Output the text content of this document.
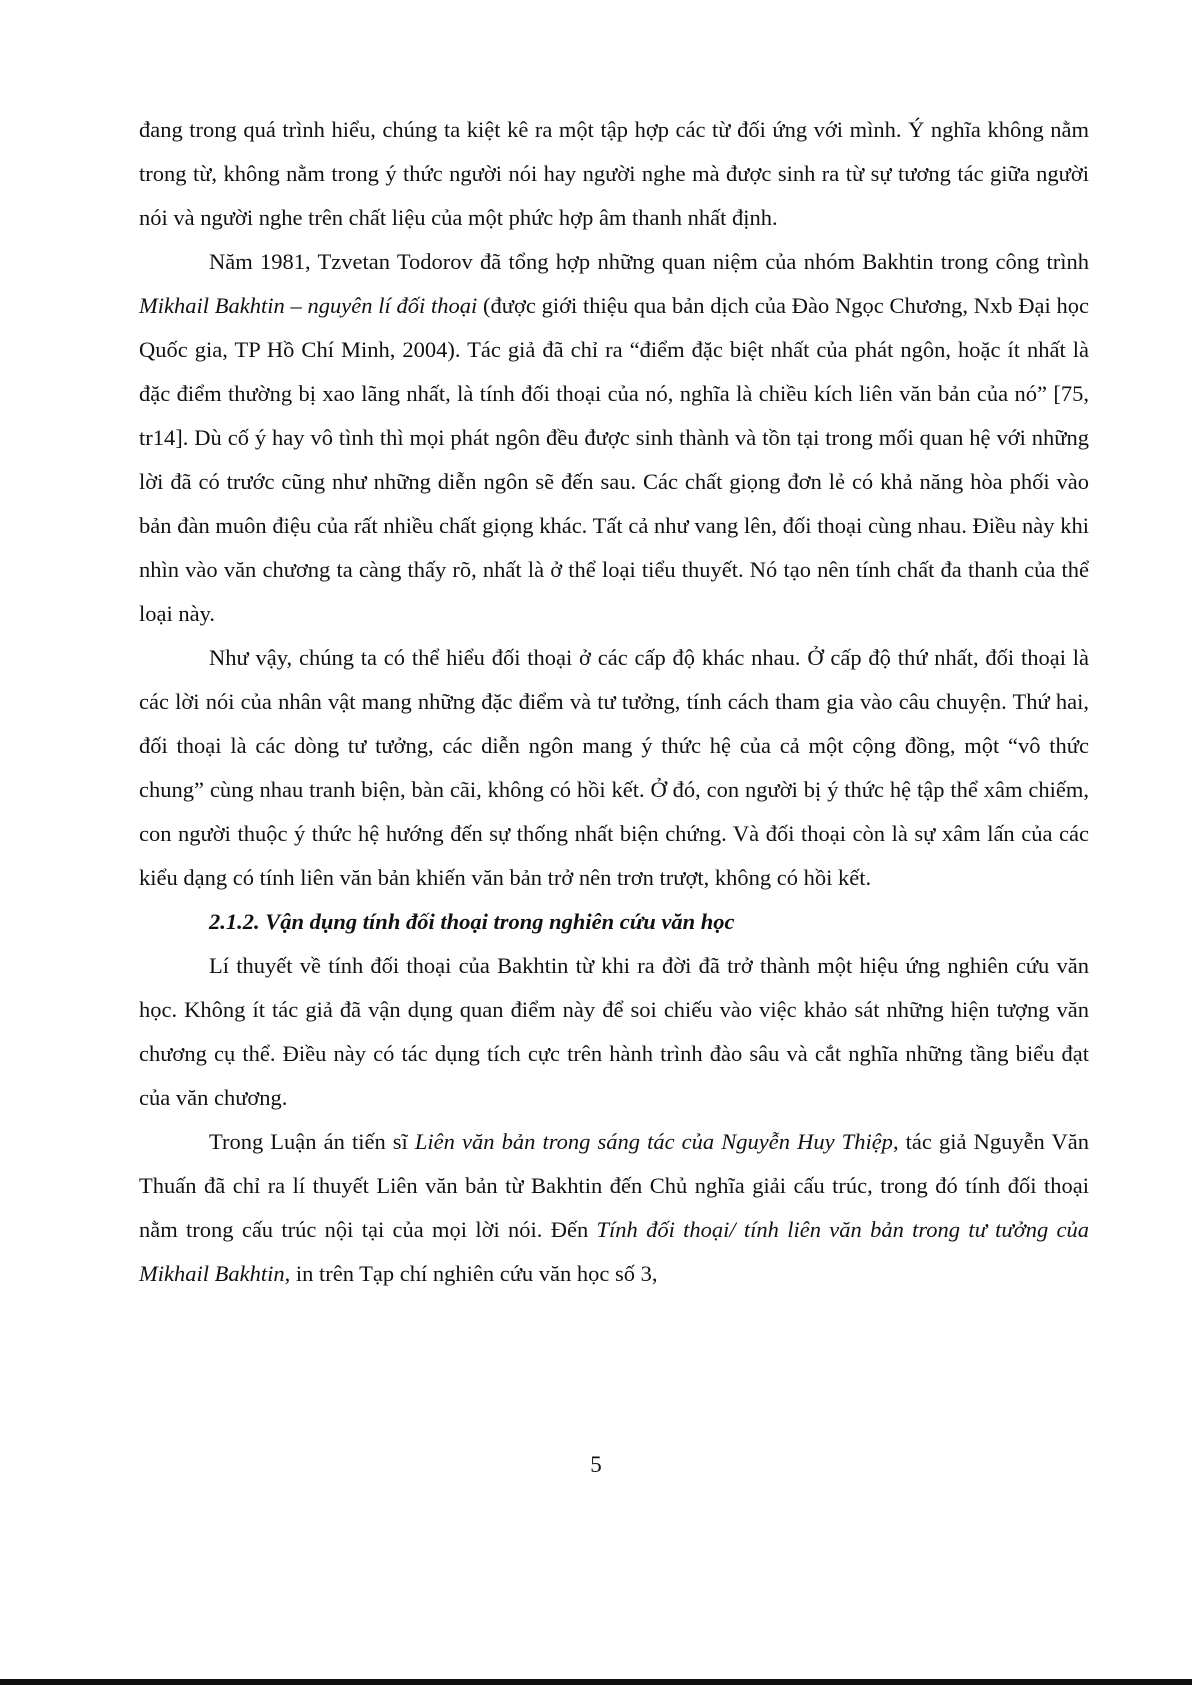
đang trong quá trình hiểu, chúng ta kiệt kê ra một tập hợp các từ đối ứng với mình. Ý nghĩa không nằm trong từ, không nằm trong ý thức người nói hay người nghe mà được sinh ra từ sự tương tác giữa người nói và người nghe trên chất liệu của một phức hợp âm thanh nhất định.

Năm 1981, Tzvetan Todorov đã tổng hợp những quan niệm của nhóm Bakhtin trong công trình Mikhail Bakhtin – nguyên lí đối thoại (được giới thiệu qua bản dịch của Đào Ngọc Chương, Nxb Đại học Quốc gia, TP Hồ Chí Minh, 2004). Tác giả đã chỉ ra “điểm đặc biệt nhất của phát ngôn, hoặc ít nhất là đặc điểm thường bị xao lãng nhất, là tính đối thoại của nó, nghĩa là chiều kích liên văn bản của nó” [75, tr14]. Dù cố ý hay vô tình thì mọi phát ngôn đều được sinh thành và tồn tại trong mối quan hệ với những lời đã có trước cũng như những diễn ngôn sẽ đến sau. Các chất giọng đơn lẻ có khả năng hòa phối vào bản đàn muôn điệu của rất nhiều chất giọng khác. Tất cả như vang lên, đối thoại cùng nhau. Điều này khi nhìn vào văn chương ta càng thấy rõ, nhất là ở thể loại tiểu thuyết. Nó tạo nên tính chất đa thanh của thể loại này.

Như vậy, chúng ta có thể hiểu đối thoại ở các cấp độ khác nhau. Ở cấp độ thứ nhất, đối thoại là các lời nói của nhân vật mang những đặc điểm và tư tưởng, tính cách tham gia vào câu chuyện. Thứ hai, đối thoại là các dòng tư tưởng, các diễn ngôn mang ý thức hệ của cả một cộng đồng, một “vô thức chung” cùng nhau tranh biện, bàn cãi, không có hồi kết. Ở đó, con người bị ý thức hệ tập thể xâm chiếm, con người thuộc ý thức hệ hướng đến sự thống nhất biện chứng. Và đối thoại còn là sự xâm lấn của các kiểu dạng có tính liên văn bản khiến văn bản trở nên trơn trượt, không có hồi kết.

2.1.2. Vận dụng tính đối thoại trong nghiên cứu văn học

Lí thuyết về tính đối thoại của Bakhtin từ khi ra đời đã trở thành một hiệu ứng nghiên cứu văn học. Không ít tác giả đã vận dụng quan điểm này để soi chiếu vào việc khảo sát những hiện tượng văn chương cụ thể. Điều này có tác dụng tích cực trên hành trình đào sâu và cắt nghĩa những tầng biểu đạt của văn chương.

Trong Luận án tiến sĩ Liên văn bản trong sáng tác của Nguyễn Huy Thiệp, tác giả Nguyễn Văn Thuấn đã chỉ ra lí thuyết Liên văn bản từ Bakhtin đến Chủ nghĩa giải cấu trúc, trong đó tính đối thoại nằm trong cấu trúc nội tại của mọi lời nói. Đến Tính đối thoại/ tính liên văn bản trong tư tưởng của Mikhail Bakhtin, in trên Tạp chí nghiên cứu văn học số 3,

5
